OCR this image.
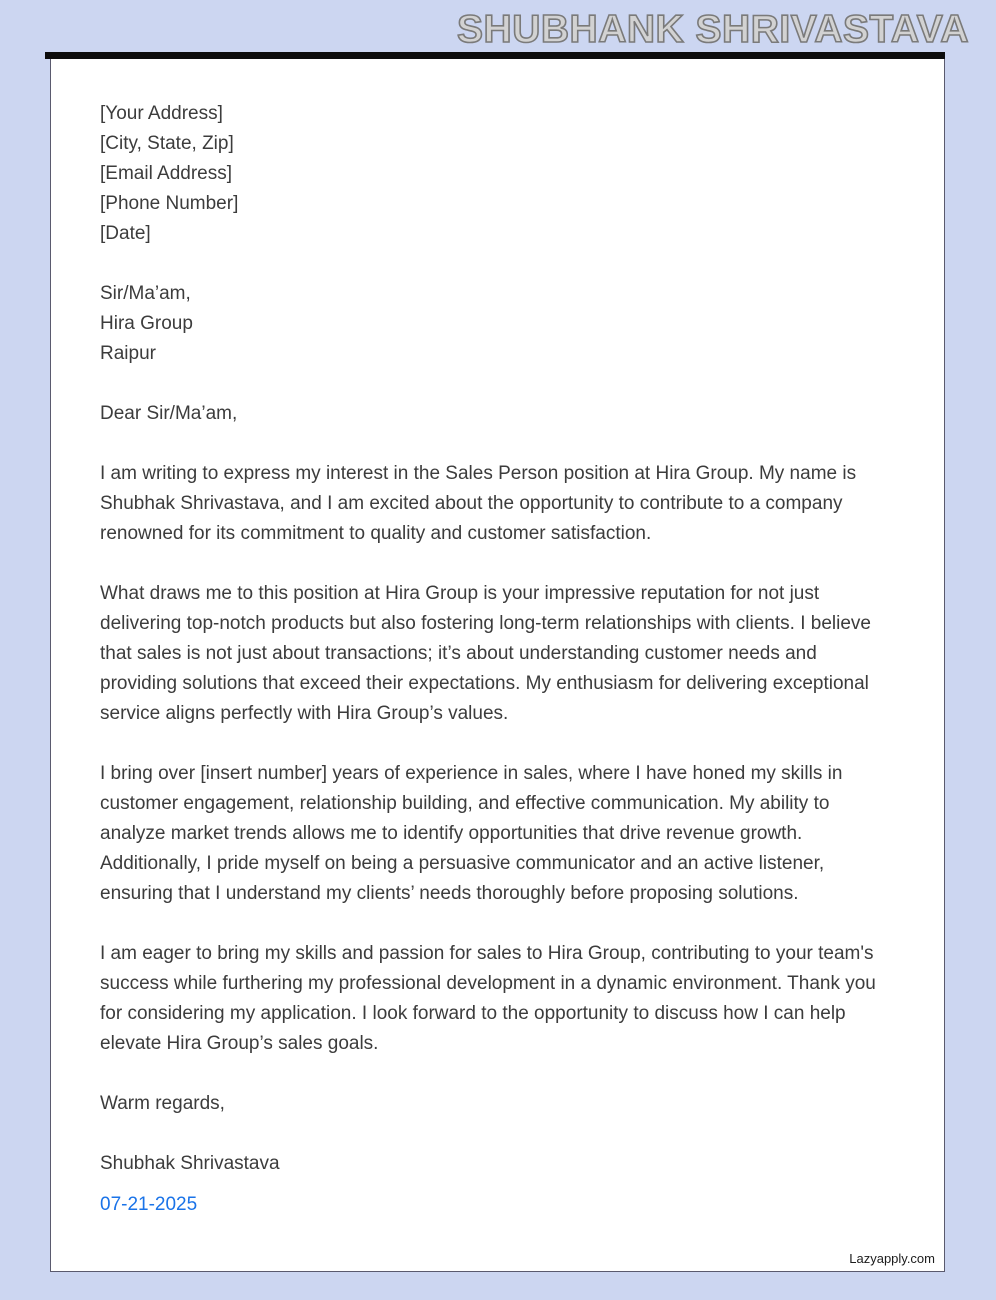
SHUBHANK SHRIVASTAVA

[Your Address]

[City, State, Zip]

[Email Address]

[Phone Number]

[Date]

Sir/Ma’am,

Hira Group

Raipur

Dear Sir/Ma’am,

I am writing to express my interest in the Sales Person position at Hira Group. My name is Shubhak Shrivastava, and I am excited about the opportunity to contribute to a company renowned for its commitment to quality and customer satisfaction.

What draws me to this position at Hira Group is your impressive reputation for not just delivering top-notch products but also fostering long-term relationships with clients. I believe that sales is not just about transactions; it’s about understanding customer needs and providing solutions that exceed their expectations. My enthusiasm for delivering exceptional service aligns perfectly with Hira Group’s values.

I bring over [insert number] years of experience in sales, where I have honed my skills in customer engagement, relationship building, and effective communication. My ability to analyze market trends allows me to identify opportunities that drive revenue growth. Additionally, I pride myself on being a persuasive communicator and an active listener, ensuring that I understand my clients’ needs thoroughly before proposing solutions.

I am eager to bring my skills and passion for sales to Hira Group, contributing to your team's success while furthering my professional development in a dynamic environment. Thank you for considering my application. I look forward to the opportunity to discuss how I can help elevate Hira Group’s sales goals.

Warm regards,

Shubhak Shrivastava

07-21-2025

Lazyapply.com
